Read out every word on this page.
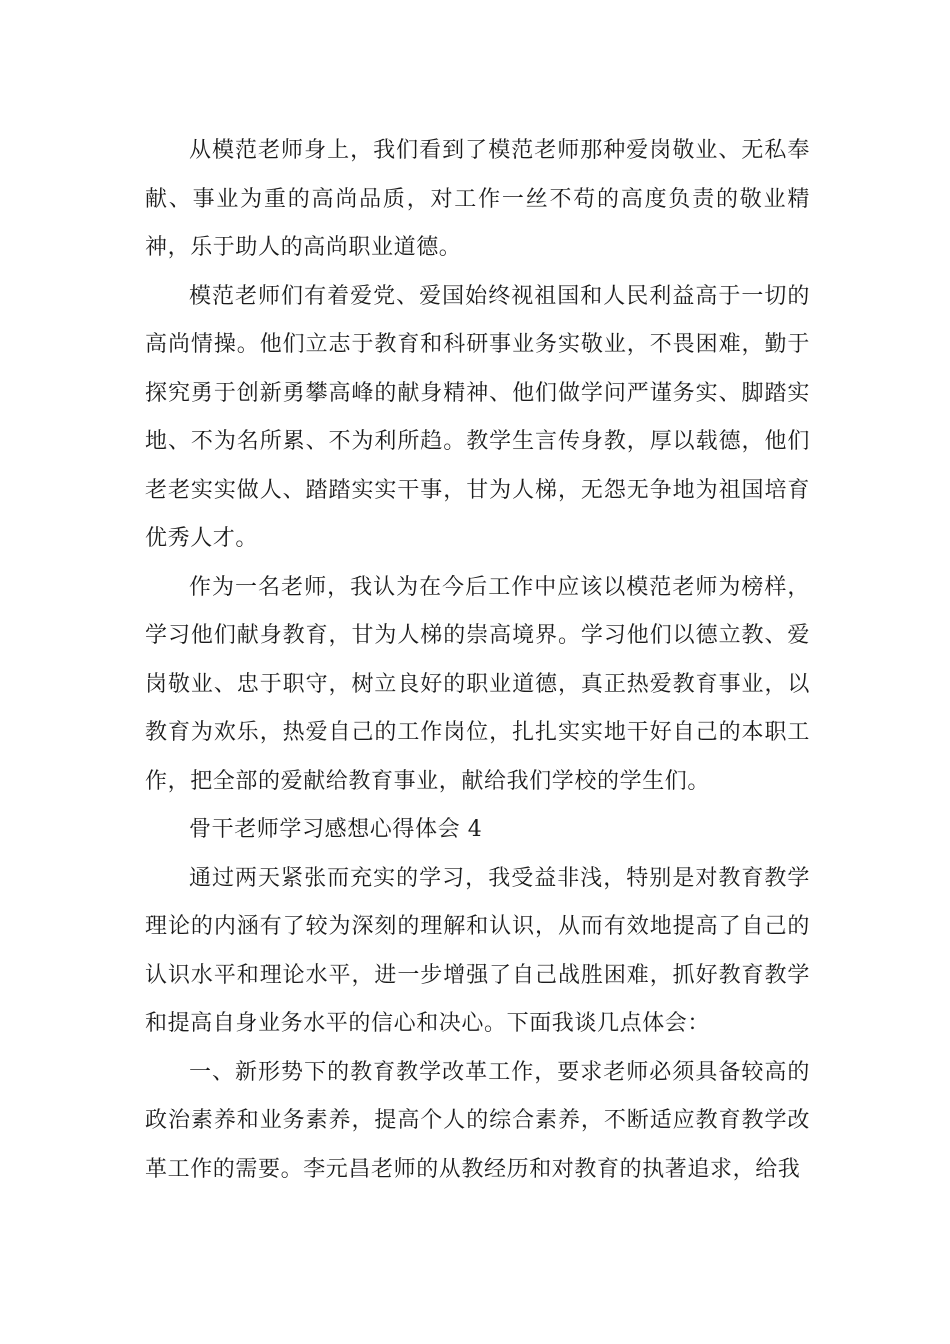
从模范老师身上，我们看到了模范老师那种爱岗敬业、无私奉献、事业为重的高尚品质，对工作一丝不苟的高度负责的敬业精神，乐于助人的高尚职业道德。

模范老师们有着爱党、爱国始终视祖国和人民利益高于一切的高尚情操。他们立志于教育和科研事业务实敬业，不畏困难，勤于探究勇于创新勇攀高峰的献身精神、他们做学问严谨务实、脚踏实地、不为名所累、不为利所趋。教学生言传身教，厚以载德，他们老老实实做人、踏踏实实干事，甘为人梯，无怨无争地为祖国培育优秀人才。

作为一名老师，我认为在今后工作中应该以模范老师为榜样，学习他们献身教育，甘为人梯的崇高境界。学习他们以德立教、爱岗敬业、忠于职守，树立良好的职业道德，真正热爱教育事业，以教育为欢乐，热爱自己的工作岗位，扎扎实实地干好自己的本职工作，把全部的爱献给教育事业，献给我们学校的学生们。

骨干老师学习感想心得体会 4

通过两天紧张而充实的学习，我受益非浅，特别是对教育教学理论的内涵有了较为深刻的理解和认识，从而有效地提高了自己的认识水平和理论水平，进一步增强了自己战胜困难，抓好教育教学和提高自身业务水平的信心和决心。下面我谈几点体会：

一、新形势下的教育教学改革工作，要求老师必须具备较高的政治素养和业务素养，提高个人的综合素养，不断适应教育教学改革工作的需要。李元昌老师的从教经历和对教育的执著追求，给我
